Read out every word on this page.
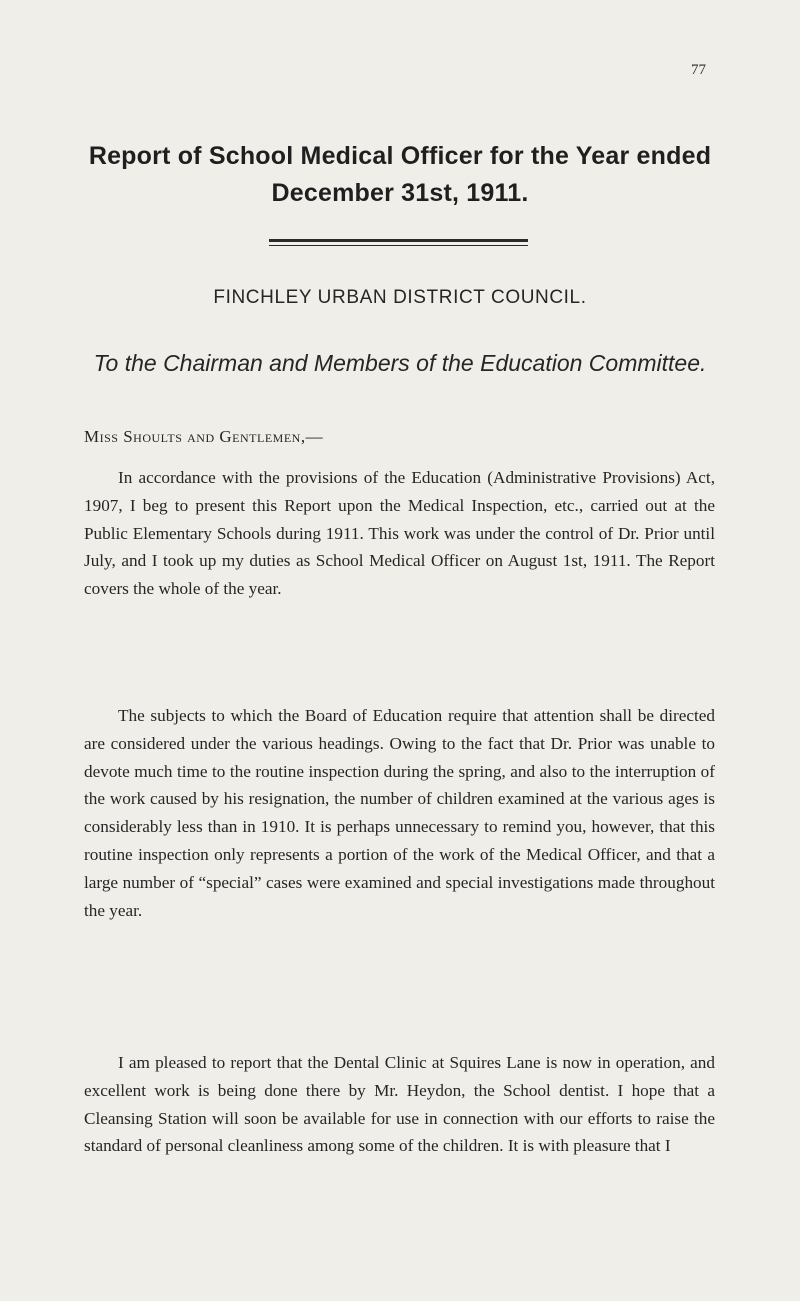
77
Report of School Medical Officer for the Year ended December 31st, 1911.
FINCHLEY URBAN DISTRICT COUNCIL.
To the Chairman and Members of the Education Committee.
Miss Shoults and Gentlemen,—

In accordance with the provisions of the Education (Administrative Provisions) Act, 1907, I beg to present this Report upon the Medical Inspection, etc., carried out at the Public Elementary Schools during 1911. This work was under the control of Dr. Prior until July, and I took up my duties as School Medical Officer on August 1st, 1911. The Report covers the whole of the year.

The subjects to which the Board of Education require that attention shall be directed are considered under the various headings. Owing to the fact that Dr. Prior was unable to devote much time to the routine inspection during the spring, and also to the interruption of the work caused by his resignation, the number of children examined at the various ages is considerably less than in 1910. It is perhaps unnecessary to remind you, however, that this routine inspection only represents a portion of the work of the Medical Officer, and that a large number of “special” cases were examined and special investigations made throughout the year.

I am pleased to report that the Dental Clinic at Squires Lane is now in operation, and excellent work is being done there by Mr. Heydon, the School dentist. I hope that a Cleansing Station will soon be available for use in connection with our efforts to raise the standard of personal cleanliness among some of the children. It is with pleasure that I
